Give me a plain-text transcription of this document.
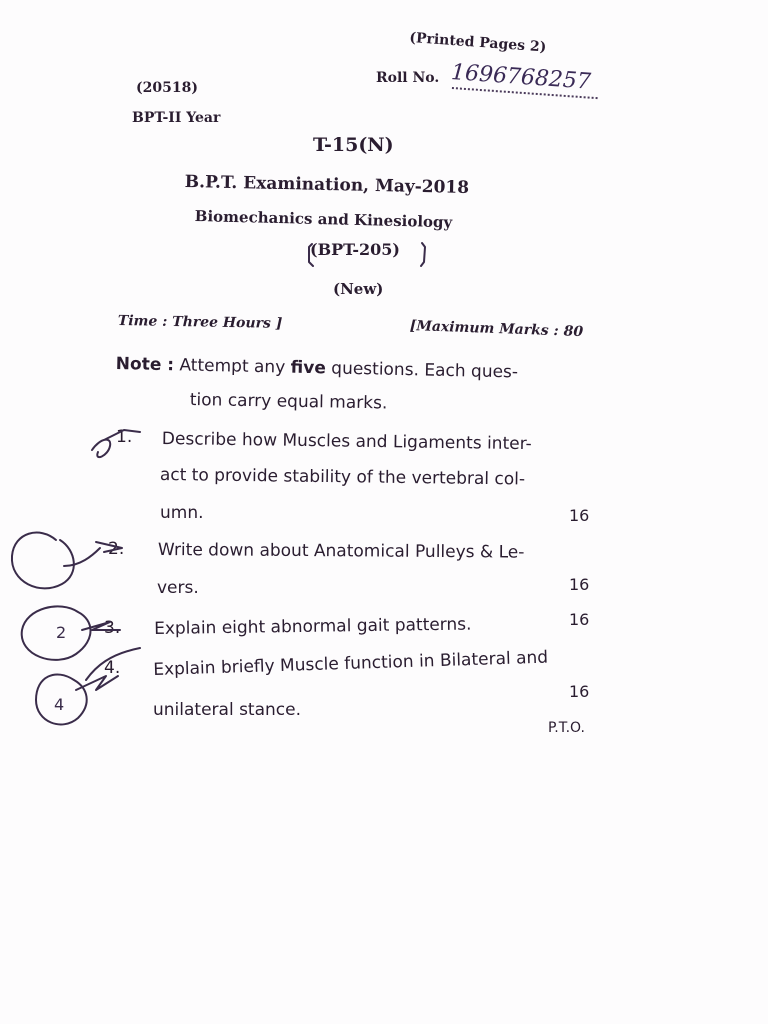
(Printed Pages 2)
Roll No. 1696768257
(20518)
BPT-II Year
T-15(N)
B.P.T. Examination, May-2018
Biomechanics and Kinesiology
(BPT-205)
(New)
Time : Three Hours ]	[Maximum Marks : 80
Note : Attempt any five questions. Each ques-
tion carry equal marks.
1. Describe how Muscles and Ligaments inter-
act to provide stability of the vertebral col-
umn.	16
2. Write down about Anatomical Pulleys & Le-
vers.	16
3. Explain eight abnormal gait patterns.	16
4. Explain briefly Muscle function in Bilateral and
unilateral stance.
16
P.T.O.
2
4
